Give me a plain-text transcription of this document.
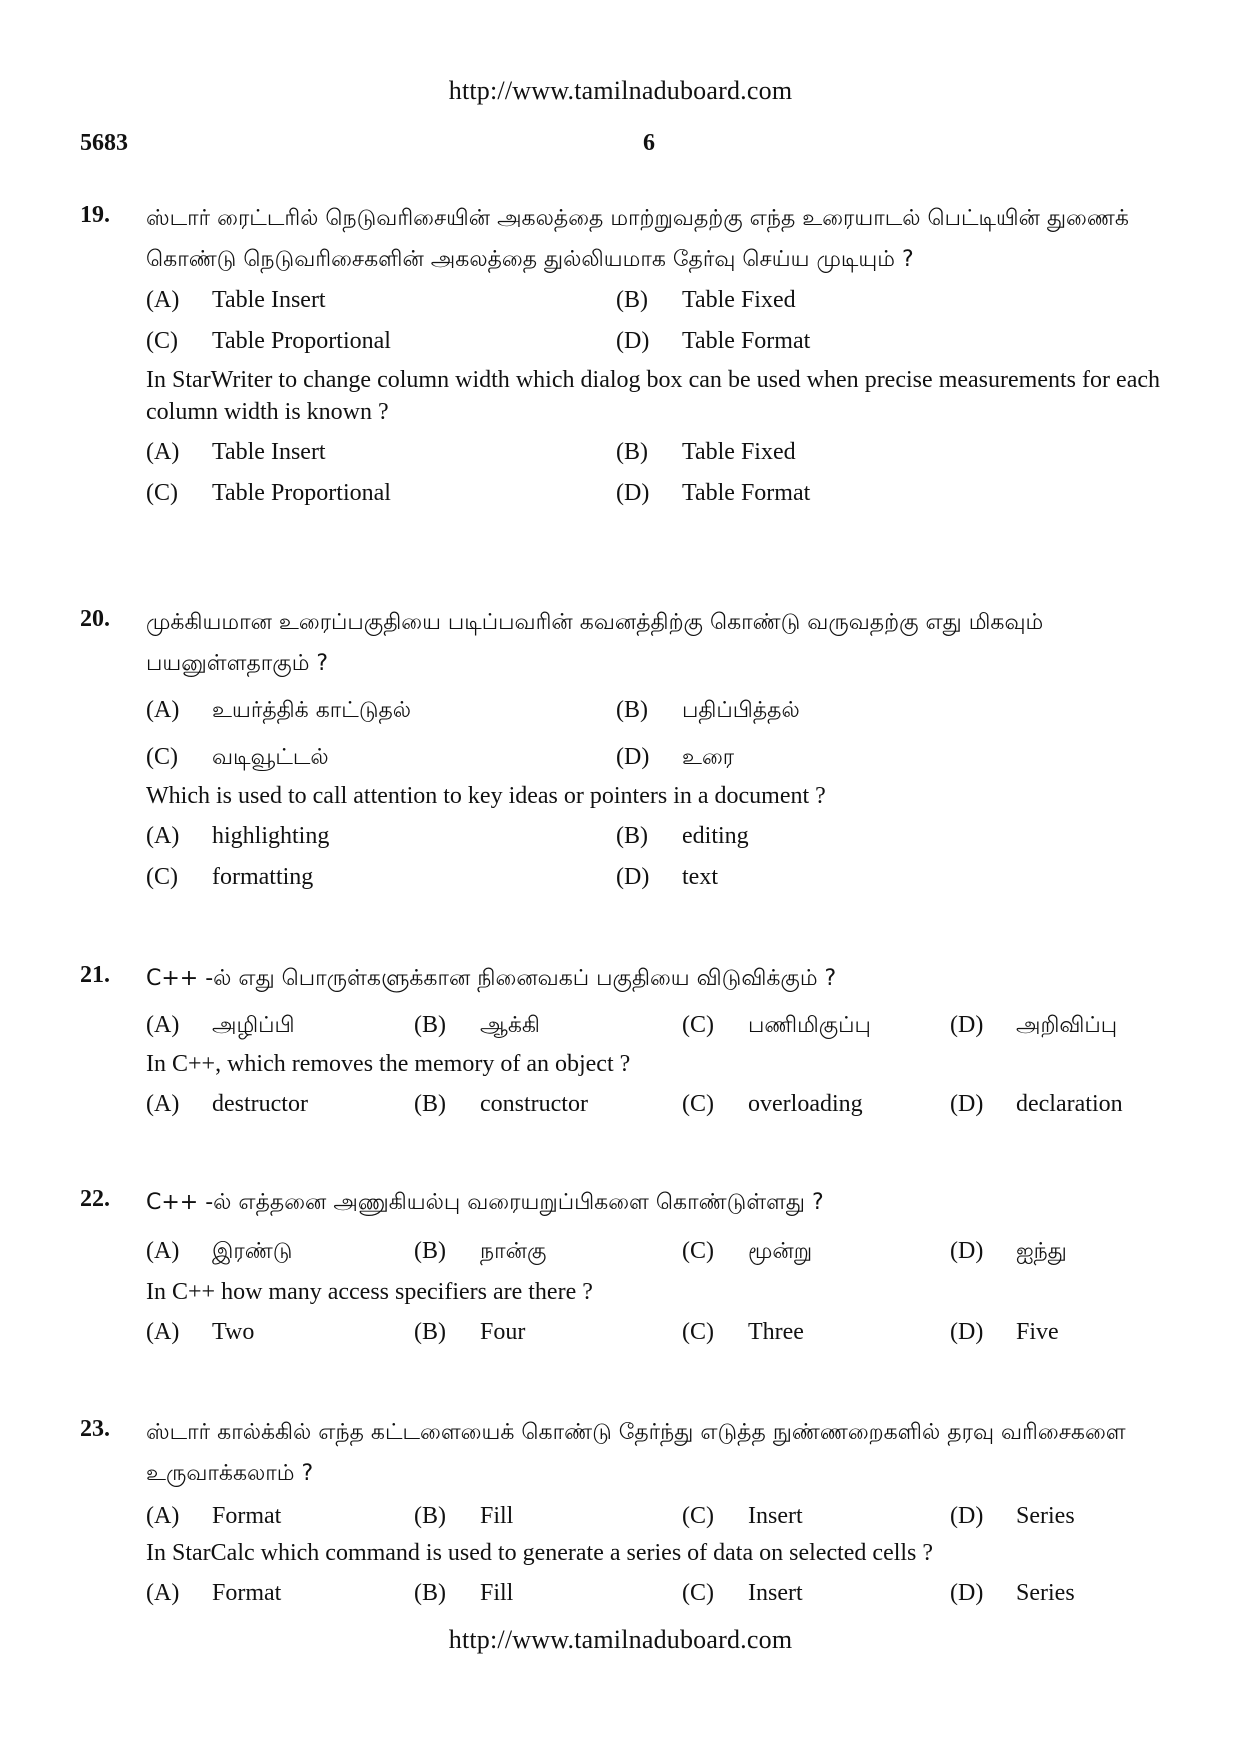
http://www.tamilnaduboard.com
5683	6
19. ஸ்டார் ரைட்டரில் நெடுவரிசையின் அகலத்தை மாற்றுவதற்கு எந்த உரையாடல் பெட்டியின் துணைக் கொண்டு நெடுவரிசைகளின் அகலத்தை துல்லியமாக தேர்வு செய்ய முடியும் ?

(A) Table Insert	(B) Table Fixed
(C) Table Proportional	(D) Table Format

In StarWriter to change column width which dialog box can be used when precise measurements for each column width is known ?

(A) Table Insert	(B) Table Fixed
(C) Table Proportional	(D) Table Format
20. முக்கியமான உரைப்பகுதியை படிப்பவரின் கவனத்திற்கு கொண்டு வருவதற்கு எது மிகவும் பயனுள்ளதாகும் ?

(A) உயர்த்திக் காட்டுதல்	(B) பதிப்பித்தல்
(C) வடிவூட்டல்	(D) உரை

Which is used to call attention to key ideas or pointers in a document ?

(A) highlighting	(B) editing
(C) formatting	(D) text
21. C++ -ல் எது பொருள்களுக்கான நினைவகப் பகுதியை விடுவிக்கும் ?

(A) அழிப்பி	(B) ஆக்கி	(C) பணிமிகுப்பு	(D) அறிவிப்பு

In C++, which removes the memory of an object ?

(A) destructor	(B) constructor	(C) overloading	(D) declaration
22. C++ -ல் எத்தனை அணுகியல்பு வரையறுப்பிகளை கொண்டுள்ளது ?

(A) இரண்டு	(B) நான்கு	(C) மூன்று	(D) ஐந்து

In C++ how many access specifiers are there ?

(A) Two	(B) Four	(C) Three	(D) Five
23. ஸ்டார் கால்க்கில் எந்த கட்டளையைக் கொண்டு தேர்ந்து எடுத்த நுண்ணறைகளில் தரவு வரிசைகளை உருவாக்கலாம் ?

(A) Format	(B) Fill	(C) Insert	(D) Series

In StarCalc which command is used to generate a series of data on selected cells ?

(A) Format	(B) Fill	(C) Insert	(D) Series
http://www.tamilnaduboard.com
